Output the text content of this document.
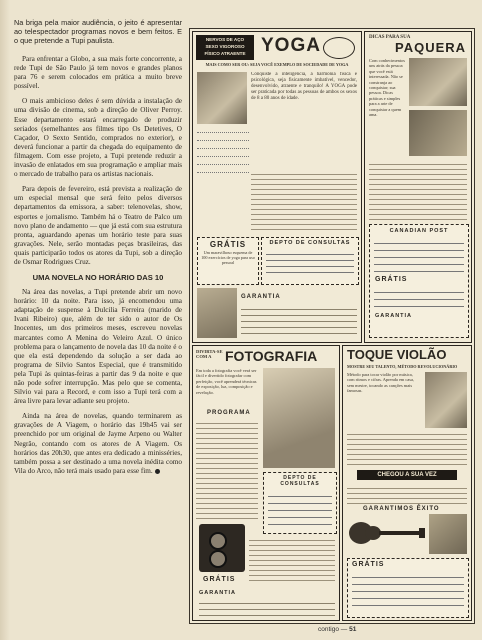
Na briga pela maior audiência, o jeito é apresentar ao telespectador programas novos e bem feitos. E o que pretende a Tupi paulista.

Para enfrentar a Globo, a sua mais forte concorrente, a rede Tupi de São Paulo já tem novos e grandes planos para 76 e serem colocados em prática a muito breve possível.

O mais ambicioso deles é sem dúvida a instalação de uma divisão de cinema, sob a direção de Oliver Perroy. Esse departamento estará encarregado de produzir seriados (semelhantes aos filmes tipo Os Detetives, O Caçador, O Sexto Sentido, comprados no exterior), e deverá funcionar a partir da chegada do equipamento de filmagem. Com esse projeto, a Tupi pretende reduzir a invasão de enlatados em sua programação e ampliar mais o mercado de trabalho para os artistas nacionais.

Para depois de fevereiro, está prevista a realização de um especial mensal que será feito pelos diversos departamentos da emissora, a saber: telenovelas, show, esportes e jornalismo. Também há o Teatro de Palco um novo plano de andamento — que já está com sua estrutura pronta, aguardando apenas um horário teste para suas gravações. Nele, serão montadas peças brasileiras, das quais participarão todos os atores da Tupi, sob a direção de Osmar Rodrigues Cruz.

UMA NOVELA NO HORÁRIO DAS 10

Na área das novelas, a Tupi pretende abrir um novo horário: 10 da noite. Para isso, já encomendou uma adaptação de suspense à Dulcilia Ferreira (marido de Ivani Ribeiro) que, além de ter sido o autor de Os Inocentes, um dos primeiros meses, escreveu novelas marcantes como A Menina do Veleiro Azul. O único problema para o lançamento de novela das 10 da noite é o que ela está dependendo da solução a ser dada ao programa de Silvio Santos Especial, que é transmitido pela Tupi às quintas-feiras a partir das 9 da noite e que não pode sofrer interrupção. Mas pelo que se comenta, Silvio vai para a Record, e com isso a Tupi terá com a área livre para levar adiante seu projeto.

Ainda na área de novelas, quando terminarem as gravações de A Viagem, o horário das 19h45 vai ser preenchido por um original de Jayme Arpeno ou Walter Negrão, contando com os atores de A Viagem. Os horários das 20h30, que antes era dedicado a minisséries, também possa a ser destinado a uma novela inédita como Vila do Arco, não terá mais usado para esse fim.

NERVOS DE AÇO
SEXO VIGOROSO
FÍSICO ATRAENTE YOGA
MAIS COMO SER OU: SEJA VOCÊ EXEMPLO DE SOCIEDADE DE YOGA
Conquiste a inteligência, a harmonia física e psicológica, seja fisicamente imbatível, vencedor, desenvolvido, atraente e tranquilo! A YOGA pode ser praticada por todas as pessoas de ambos os sexos de 8 a 80 anos de idade.
GRÁTIS
Um maravilhoso esquema de 100 exercícios de yoga para uso pessoal
DEPTO DE CONSULTAS
GARANTIA
DICAS PARA SUA
PAQUERA
Com conhecimentos uns atrás da pessoa que você está interessada. Não se constranja ao conquistar; sua pessoa. Dicas práticas e simples para a arte de conquistar a quem ama.
CANADIAN POST
GRÁTIS
GARANTIA
DIVIRTA-SE COM A FOTOGRAFIA
Em toda a fotografia você verá ser fácil e divertido fotografar com perfeição, você aprenderá técnicas de exposição, luz, composição e revelação.
PROGRAMA
DEPTO DE CONSULTAS
GRÁTIS
GARANTIA
TOQUE VIOLÃO
MOSTRE SEU TALENTO, MÉTODO REVOLUCIONÁRIO
Método para tocar violão por música, com ritmos e cifras. Aprenda em casa, sem mestre, tocando as canções mais famosas.
CHEGOU A SUA VEZ
GARANTIMOS ÊXITO
GRÁTIS
contigo — 51
